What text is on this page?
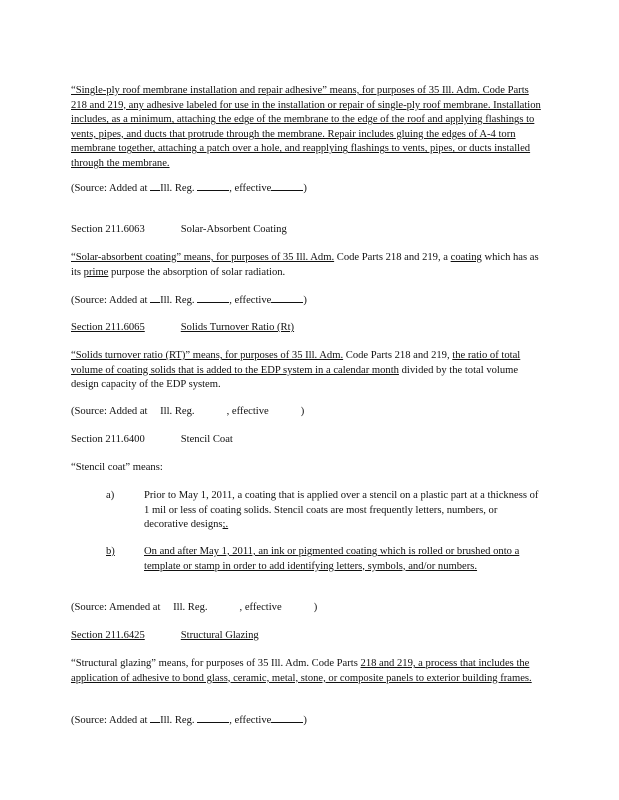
“Single-ply roof membrane installation and repair adhesive” means, for purposes of 35 Ill. Adm. Code Parts 218 and 219, any adhesive labeled for use in the installation or repair of single-ply roof membrane. Installation includes, as a minimum, attaching the edge of the membrane to the edge of the roof and applying flashings to vents, pipes, and ducts that protrude through the membrane. Repair includes gluing the edges of A-4 torn membrane together, attaching a patch over a hole, and reapplying flashings to vents, pipes, or ducts installed through the membrane.

(Source: Added at Ill. Reg.	, effective	)

Section 211.6063	Solar-Absorbent Coating

“Solar-absorbent coating” means, for purposes of 35 Ill. Adm. Code Parts 218 and 219, a coating which has as its prime purpose the absorption of solar radiation.

(Source: Added at Ill. Reg.	, effective	)

Section 211.6065	Solids Turnover Ratio (Rt)

“Solids turnover ratio (RT)” means, for purposes of 35 Ill. Adm. Code Parts 218 and 219, the ratio of total volume of coating solids that is added to the EDP system in a calendar month divided by the total volume design capacity of the EDP system.

(Source: Added at Ill. Reg.	, effective	)

Section 211.6400	Stencil Coat

“Stencil coat” means:

a)	Prior to May 1, 2011, a coating that is applied over a stencil on a plastic part at a thickness of 1 mil or less of coating solids. Stencil coats are most frequently letters, numbers, or decorative designs;.
b)	On and after May 1, 2011, an ink or pigmented coating which is rolled or brushed onto a template or stamp in order to add identifying letters, symbols, and/or numbers.

(Source: Amended at Ill. Reg.	, effective	)

Section 211.6425	Structural Glazing

“Structural glazing” means, for purposes of 35 Ill. Adm. Code Parts 218 and 219, a process that includes the application of adhesive to bond glass, ceramic, metal, stone, or composite panels to exterior building frames.

(Source: Added at Ill. Reg.	, effective	)
